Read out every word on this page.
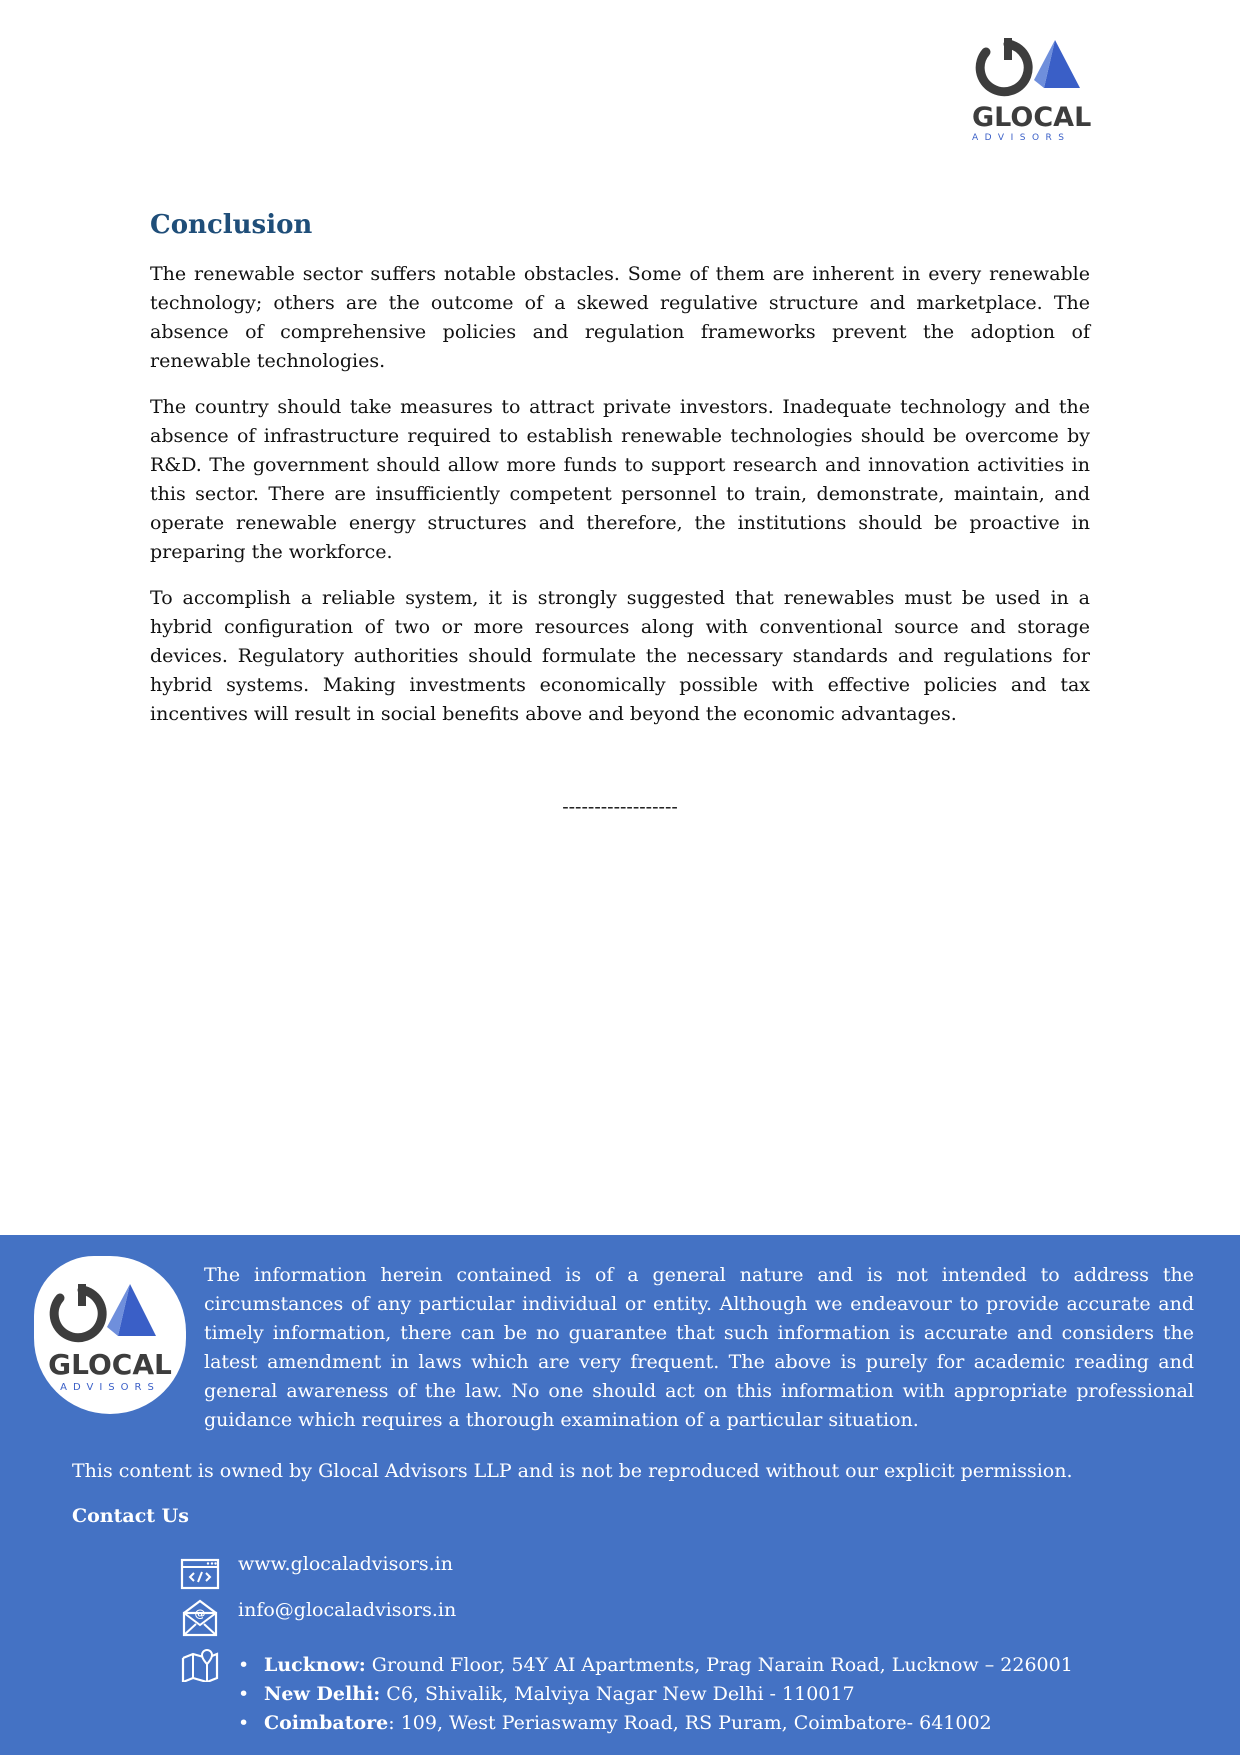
GLOCAL
ADVISORS
Conclusion

The renewable sector suffers notable obstacles. Some of them are inherent in every renewable technology; others are the outcome of a skewed regulative structure and marketplace. The absence of comprehensive policies and regulation frameworks prevent the adoption of renewable technologies.

The country should take measures to attract private investors. Inadequate technology and the absence of infrastructure required to establish renewable technologies should be overcome by R&D. The government should allow more funds to support research and innovation activities in this sector. There are insufficiently competent personnel to train, demonstrate, maintain, and operate renewable energy structures and therefore, the institutions should be proactive in preparing the workforce.

To accomplish a reliable system, it is strongly suggested that renewables must be used in a hybrid configuration of two or more resources along with conventional source and storage devices. Regulatory authorities should formulate the necessary standards and regulations for hybrid systems. Making investments economically possible with effective policies and tax incentives will result in social benefits above and beyond the economic advantages.

------------------
GLOCAL
ADVISORS

The information herein contained is of a general nature and is not intended to address the circumstances of any particular individual or entity. Although we endeavour to provide accurate and timely information, there can be no guarantee that such information is accurate and considers the latest amendment in laws which are very frequent. The above is purely for academic reading and general awareness of the law. No one should act on this information with appropriate professional guidance which requires a thorough examination of a particular situation.

This content is owned by Glocal Advisors LLP and is not be reproduced without our explicit permission.

Contact Us

www.glocaladvisors.in
@ info@glocaladvisors.in
• Lucknow: Ground Floor, 54Y AI Apartments, Prag Narain Road, Lucknow – 226001
• New Delhi: C6, Shivalik, Malviya Nagar New Delhi - 110017
• Coimbatore: 109, West Periaswamy Road, RS Puram, Coimbatore- 641002
